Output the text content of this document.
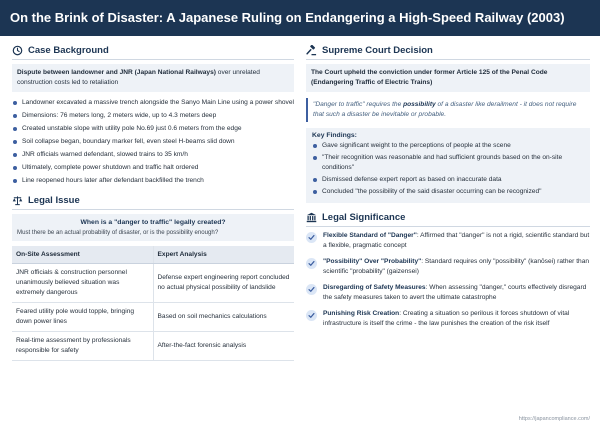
On the Brink of Disaster: A Japanese Ruling on Endangering a High-Speed Railway (2003)
Case Background
Dispute between landowner and JNR (Japan National Railways) over unrelated construction costs led to retaliation
Landowner excavated a massive trench alongside the Sanyo Main Line using a power shovel
Dimensions: 76 meters long, 2 meters wide, up to 4.3 meters deep
Created unstable slope with utility pole No.69 just 0.6 meters from the edge
Soil collapse began, boundary marker fell, even steel H-beams slid down
JNR officials warned defendant, slowed trains to 35 km/h
Ultimately, complete power shutdown and traffic halt ordered
Line reopened hours later after defendant backfilled the trench
Legal Issue
When is a "danger to traffic" legally created?
Must there be an actual probability of disaster, or is the possibility enough?
On-Site Assessment	Expert Analysis
JNR officials & construction personnel unanimously believed situation was extremely dangerous	Defense expert engineering report concluded no actual physical possibility of landslide
Feared utility pole would topple, bringing down power lines	Based on soil mechanics calculations
Real-time assessment by professionals responsible for safety	After-the-fact forensic analysis
Supreme Court Decision
The Court upheld the conviction under former Article 125 of the Penal Code (Endangering Traffic of Electric Trains)
"Danger to traffic" requires the possibility of a disaster like derailment - it does not require that such a disaster be inevitable or probable.
Key Findings:
Gave significant weight to the perceptions of people at the scene
"Their recognition was reasonable and had sufficient grounds based on the on-site conditions"
Dismissed defense expert report as based on inaccurate data
Concluded "the possibility of the said disaster occurring can be recognized"
Legal Significance
Flexible Standard of "Danger": Affirmed that "danger" is not a rigid, scientific standard but a flexible, pragmatic concept
"Possibility" Over "Probability": Standard requires only "possibility" (kanōsei) rather than scientific "probability" (gaizensei)
Disregarding of Safety Measures: When assessing "danger," courts effectively disregard the safety measures taken to avert the ultimate catastrophe
Punishing Risk Creation: Creating a situation so perilous it forces shutdown of vital infrastructure is itself the crime - the law punishes the creation of the risk itself
https://japancompliance.com/
